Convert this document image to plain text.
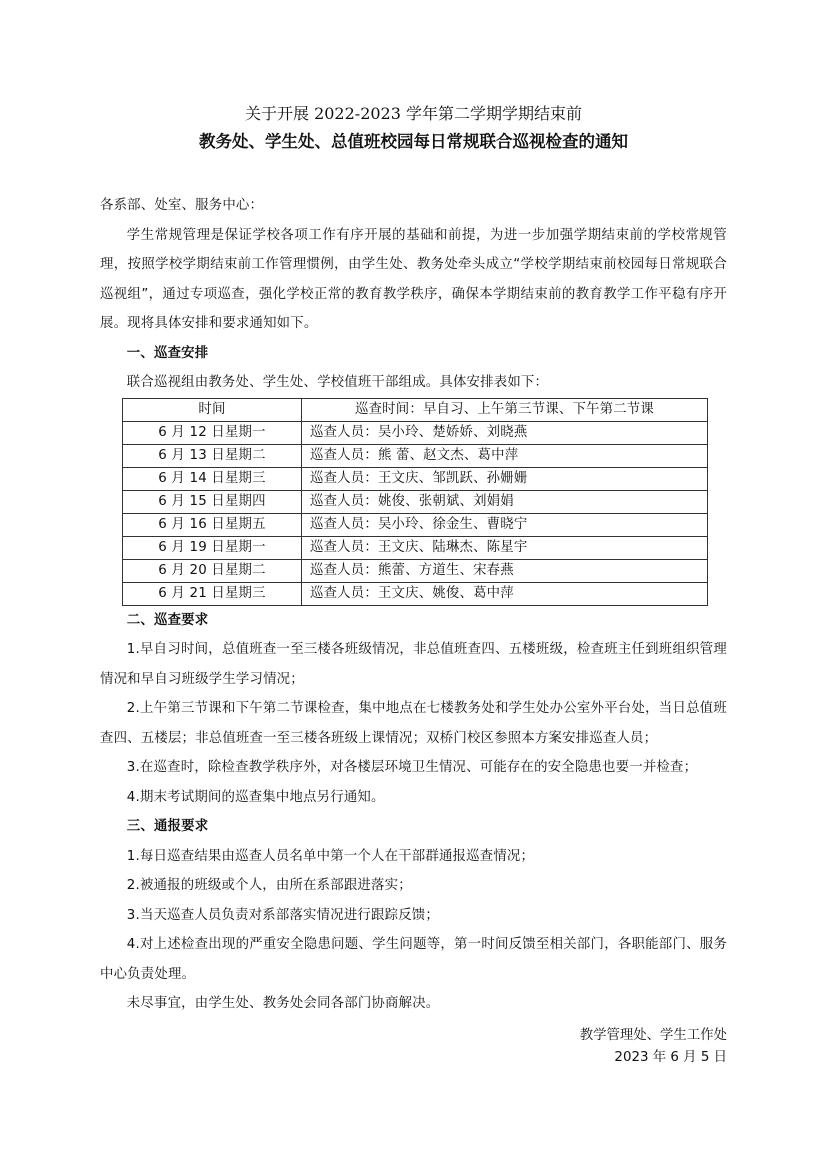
关于开展 2022-2023 学年第二学期学期结束前
教务处、学生处、总值班校园每日常规联合巡视检查的通知

各系部、处室、服务中心：

学生常规管理是保证学校各项工作有序开展的基础和前提，为进一步加强学期结束前的学校常规管理，按照学校学期结束前工作管理惯例，由学生处、教务处牵头成立“学校学期结束前校园每日常规联合巡视组”，通过专项巡查，强化学校正常的教育教学秩序，确保本学期结束前的教育教学工作平稳有序开展。现将具体安排和要求通知如下。

一、巡查安排

联合巡视组由教务处、学生处、学校值班干部组成。具体安排表如下：

时间	巡查时间：早自习、上午第三节课、下午第二节课
6 月 12 日星期一	巡查人员：吴小玲、楚娇娇、刘晓燕
6 月 13 日星期二	巡查人员：熊 蕾、赵文杰、葛中萍
6 月 14 日星期三	巡查人员：王文庆、邹凯跃、孙姗姗
6 月 15 日星期四	巡查人员：姚俊、张朝斌、刘娟娟
6 月 16 日星期五	巡查人员：吴小玲、徐金生、曹晓宁
6 月 19 日星期一	巡查人员：王文庆、陆琳杰、陈星宇
6 月 20 日星期二	巡查人员：熊蕾、方道生、宋春燕
6 月 21 日星期三	巡查人员：王文庆、姚俊、葛中萍

二、巡查要求

1.早自习时间，总值班查一至三楼各班级情况，非总值班查四、五楼班级，检查班主任到班组织管理情况和早自习班级学生学习情况；

2.上午第三节课和下午第二节课检查，集中地点在七楼教务处和学生处办公室外平台处，当日总值班查四、五楼层；非总值班查一至三楼各班级上课情况；双桥门校区参照本方案安排巡查人员；

3.在巡查时，除检查教学秩序外，对各楼层环境卫生情况、可能存在的安全隐患也要一并检查；

4.期末考试期间的巡查集中地点另行通知。

三、通报要求

1.每日巡查结果由巡查人员名单中第一个人在干部群通报巡查情况；

2.被通报的班级或个人，由所在系部跟进落实；

3.当天巡查人员负责对系部落实情况进行跟踪反馈；

4.对上述检查出现的严重安全隐患问题、学生问题等，第一时间反馈至相关部门，各职能部门、服务中心负责处理。

未尽事宜，由学生处、教务处会同各部门协商解决。

教学管理处、学生工作处
2023 年 6 月 5 日
